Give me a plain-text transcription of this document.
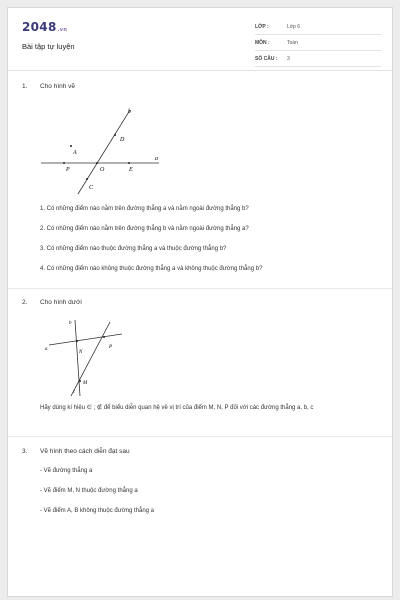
2048.vn
Bài tập tự luyện
LỚP :	Lớp 6
MÔN :	Toán
SỐ CÂU : 3
1. Cho hình vẽ
b
D
A
a
P	O	E
C
1. Có những điểm nào nằm trên đường thẳng a và nằm ngoài đường thẳng b?
2. Có những điểm nào nằm trên đường thẳng b và nằm ngoài đường thẳng a?
3. Có những điểm nào thuộc đường thẳng a và thuộc đường thẳng b?
4. Có những điểm nào không thuộc đường thẳng a và không thuộc đường thẳng b?
2. Cho hình dưới
b
a
N
P
M
c
Hãy dùng kí hiệu ∈ ; ∉ để biểu diễn quan hệ về vị trí của điểm M, N, P đối với các đường thẳng a, b, c
3. Vẽ hình theo cách diễn đạt sau
- Vẽ đường thẳng a
- Vẽ điểm M, N thuộc đường thẳng a
- Vẽ điểm A, B không thuộc đường thẳng a
